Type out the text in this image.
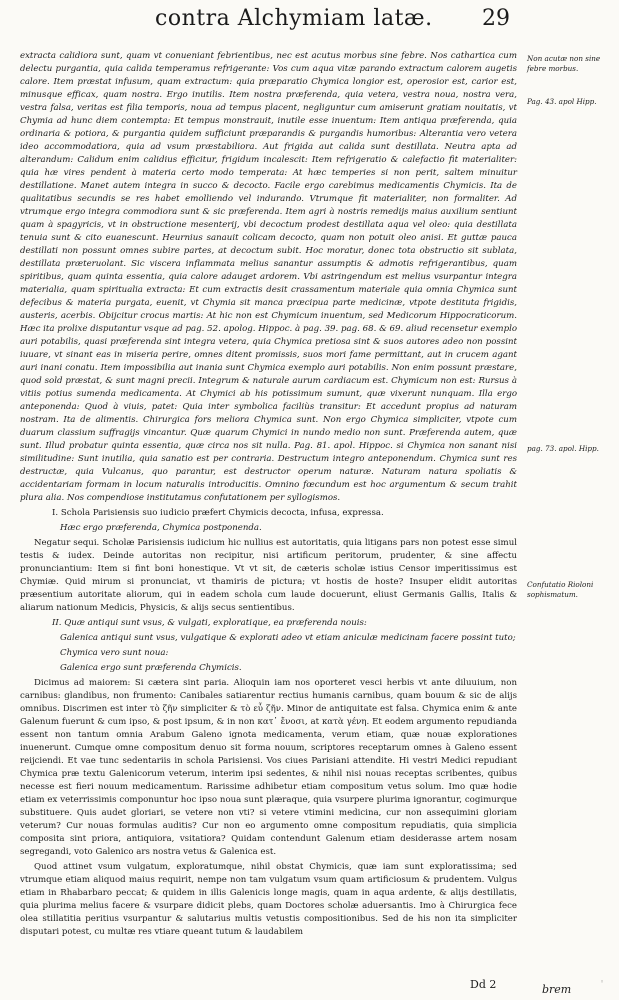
contra Alchymiam latæ. 29
Non acutæ non sine febre morbus.
Pag. 43. apol Hipp.
pag. 73. apol. Hipp.
Confutatio Rioloni sophismatum.

extracta calidiora sunt, quam vt conueniant febrientibus, nec est acutus morbus sine febre. Nos cathartica cum delectu purgantia, quia calida temperamus refrigerante: Vos cum aqua vitæ parando extractum calorem augetis calore. Item præstat infusum, quam extractum: quia præparatio Chymica longior est, operosior est, carior est, minusque efficax, quam nostra. Ergo inutilis. Item nostra præferenda, quia vetera, vestra noua, nostra vera, vestra falsa, veritas est filia temporis, noua ad tempus placent, negliguntur cum amiserunt gratiam nouitatis, vt Chymia ad hunc diem contempta: Et tempus monstrauit, inutile esse inuentum: Item antiqua præferenda, quia ordinaria & potiora, & purgantia quidem sufficiunt præparandis & purgandis humoribus: Alterantia vero vetera ideo accommodatiora, quia ad vsum præstabiliora. Aut frigida aut calida sunt destillata. Neutra apta ad alterandum: Calidum enim calidius efficitur, frigidum incalescit: Item refrigeratio & calefactio fit materialiter: quia hæ vires pendent à materia certo modo temperata: At hæc temperies si non perit, saltem minuitur destillatione. Manet autem integra in succo & decocto. Facile ergo carebimus medicamentis Chymicis. Ita de qualitatibus secundis se res habet emolliendo vel indurando. Vtrumque fit materialiter, non formaliter. Ad vtrumque ergo integra commodiora sunt & sic præferenda. Item agri à nostris remedijs maius auxilium sentiunt quam à spagyricis, vt in obstructione mesenterij, vbi decoctum prodest destillata aqua vel oleo: quia destillata tenuia sunt & cito euanescunt. Heurnius sanauit colicam decocto, quam non potuit oleo anisi. Et guttæ pauca destillati non possunt omnes subire partes, at decoctum subit. Hoc moratur, donec tota obstructio sit sublata, destillata præteruolant. Sic viscera inflammata melius sanantur assumptis & admotis refrigerantibus, quam spiritibus, quam quinta essentia, quia calore adauget ardorem. Vbi astringendum est melius vsurpantur integra materialia, quam spiritualia extracta: Et cum extractis desit crassamentum materiale quia omnia Chymica sunt defecibus & materia purgata, euenit, vt Chymia sit manca præcipua parte medicinæ, vtpote destituta frigidis, austeris, acerbis. Obijcitur crocus martis: At hic non est Chymicum inuentum, sed Medicorum Hippocraticorum. Hæc ita prolixe disputantur vsque ad pag. 52. apolog. Hippoc. à pag. 39. pag. 68. & 69. aliud recensetur exemplo auri potabilis, quasi præferenda sint integra vetera, quia Chymica pretiosa sint & suos autores adeo non possint iuuare, vt sinant eas in miseria perire, omnes ditent promissis, suos mori fame permittant, aut in crucem agant auri inani conatu. Item impossibilia aut inania sunt Chymica exemplo auri potabilis. Non enim possunt præstare, quod sold præstat, & sunt magni precii. Integrum & naturale aurum cardiacum est. Chymicum non est: Rursus à vitiis potius sumenda medicamenta. At Chymici ab his potissimum sumunt, quæ vixerunt nunquam. Illa ergo anteponenda: Quod à viuis, patet: Quia inter symbolica faciliùs transitur: Et accedunt propius ad naturam nostram. Ita de alimentis. Chirurgica fors meliora Chymica sunt. Non ergo Chymica simpliciter, vtpote cum duarum classium suffragijs vincantur. Quæ quarum Chymici in nundo medio non sunt. Præferenda autem, quæ sunt. Illud probatur quinta essentia, quæ circa nos sit nulla. Pag. 81. apol. Hippoc. si Chymica non sanant nisi similitudine: Sunt inutilia, quia sanatio est per contraria. Destructum integro anteponendum. Chymica sunt res destructæ, quia Vulcanus, quo parantur, est destructor operum naturæ. Naturam natura spoliatis & accidentariam formam in locum naturalis introducitis. Omnino fœcundum est hoc argumentum & secum trahit plura alia. Nos compendiose institutamus confutationem per syllogismos.

I. Schola Parisiensis suo iudicio præfert Chymicis decocta, infusa, expressa.

Hæc ergo præferenda, Chymica postponenda.

Negatur sequi. Scholæ Parisiensis iudicium hic nullius est autoritatis, quia litigans pars non potest esse simul testis & iudex. Deinde autoritas non recipitur, nisi artificum peritorum, prudenter, & sine affectu pronunciantium: Item si fint boni honestique. Vt vt sit, de cæteris scholæ istius Censor imperitissimus est Chymiæ. Quid mirum si pronunciat, vt thamiris de pictura; vt hostis de hoste? Insuper elidit autoritas præsentium autoritate aliorum, qui in eadem schola cum laude docuerunt, eliust Germanis Gallis, Italis & aliarum nationum Medicis, Physicis, & alijs secus sentientibus.

II. Quæ antiqui sunt vsus, & vulgati, exploratique, ea præferenda nouis:

Galenica antiqui sunt vsus, vulgatique & explorati adeo vt etiam aniculæ medicinam facere possint tuto;

Chymica vero sunt noua:

Galenica ergo sunt præferenda Chymicis.

Dicimus ad maiorem: Si cætera sint paria. Alioquin iam nos oporteret vesci herbis vt ante diluuium, non carnibus: glandibus, non frumento: Canibales satiarentur rectius humanis carnibus, quam bouum & sic de alijs omnibus. Discrimen est inter τὸ ζῆν simpliciter & τὸ εὖ ζῆν. Minor de antiquitate est falsa. Chymica enim & ante Galenum fuerunt & cum ipso, & post ipsum, & in non κατ᾽ ἔνοσι, at κατὰ γένη. Et eodem argumento repudianda essent non tantum omnia Arabum Galeno ignota medicamenta, verum etiam, quæ nouæ explorationes inuenerunt. Cumque omne compositum denuo sit forma nouum, scriptores receptarum omnes à Galeno essent reijciendi. Et vae tunc sedentariis in schola Parisiensi. Vos ciues Parisiani attendite. Hi vestri Medici repudiant Chymica præ textu Galenicorum veterum, interim ipsi sedentes, & nihil nisi nouas receptas scribentes, quibus necesse est fieri nouum medicamentum. Rarissime adhibetur etiam compositum vetus solum. Imo quæ hodie etiam ex veterrissimis componuntur hoc ipso noua sunt plæraque, quia vsurpere plurima ignorantur, cogimurque substituere. Quis audet gloriari, se vetere non vti? si vetere vtimini medicina, cur non assequimini gloriam veterum? Cur nouas formulas auditis? Cur non eo argumento omne compositum repudiatis, quia simplicia composita sint priora, antiquiora, vsitatiora? Quidam contendunt Galenum etiam desiderasse artem nosam segregandi, voto Galenico ars nostra vetus & Galenica est.

Quod attinet vsum vulgatum, exploratumque, nihil obstat Chymicis, quæ iam sunt exploratissima; sed vtrumque etiam aliquod maius requirit, nempe non tam vulgatum vsum quam artificiosum & prudentem. Vulgus etiam in Rhabarbaro peccat; & quidem in illis Galenicis longe magis, quam in aqua ardente, & alijs destillatis, quia plurima melius facere & vsurpare didicit plebs, quam Doctores scholæ aduersantis. Imo à Chirurgica fece olea stillatitia peritius vsurpantur & salutarius multis vetustis compositionibus. Sed de his non ita simpliciter disputari potest, cu multæ res vtiare queant tutum & laudabilem

Dd 2	brem
◦
